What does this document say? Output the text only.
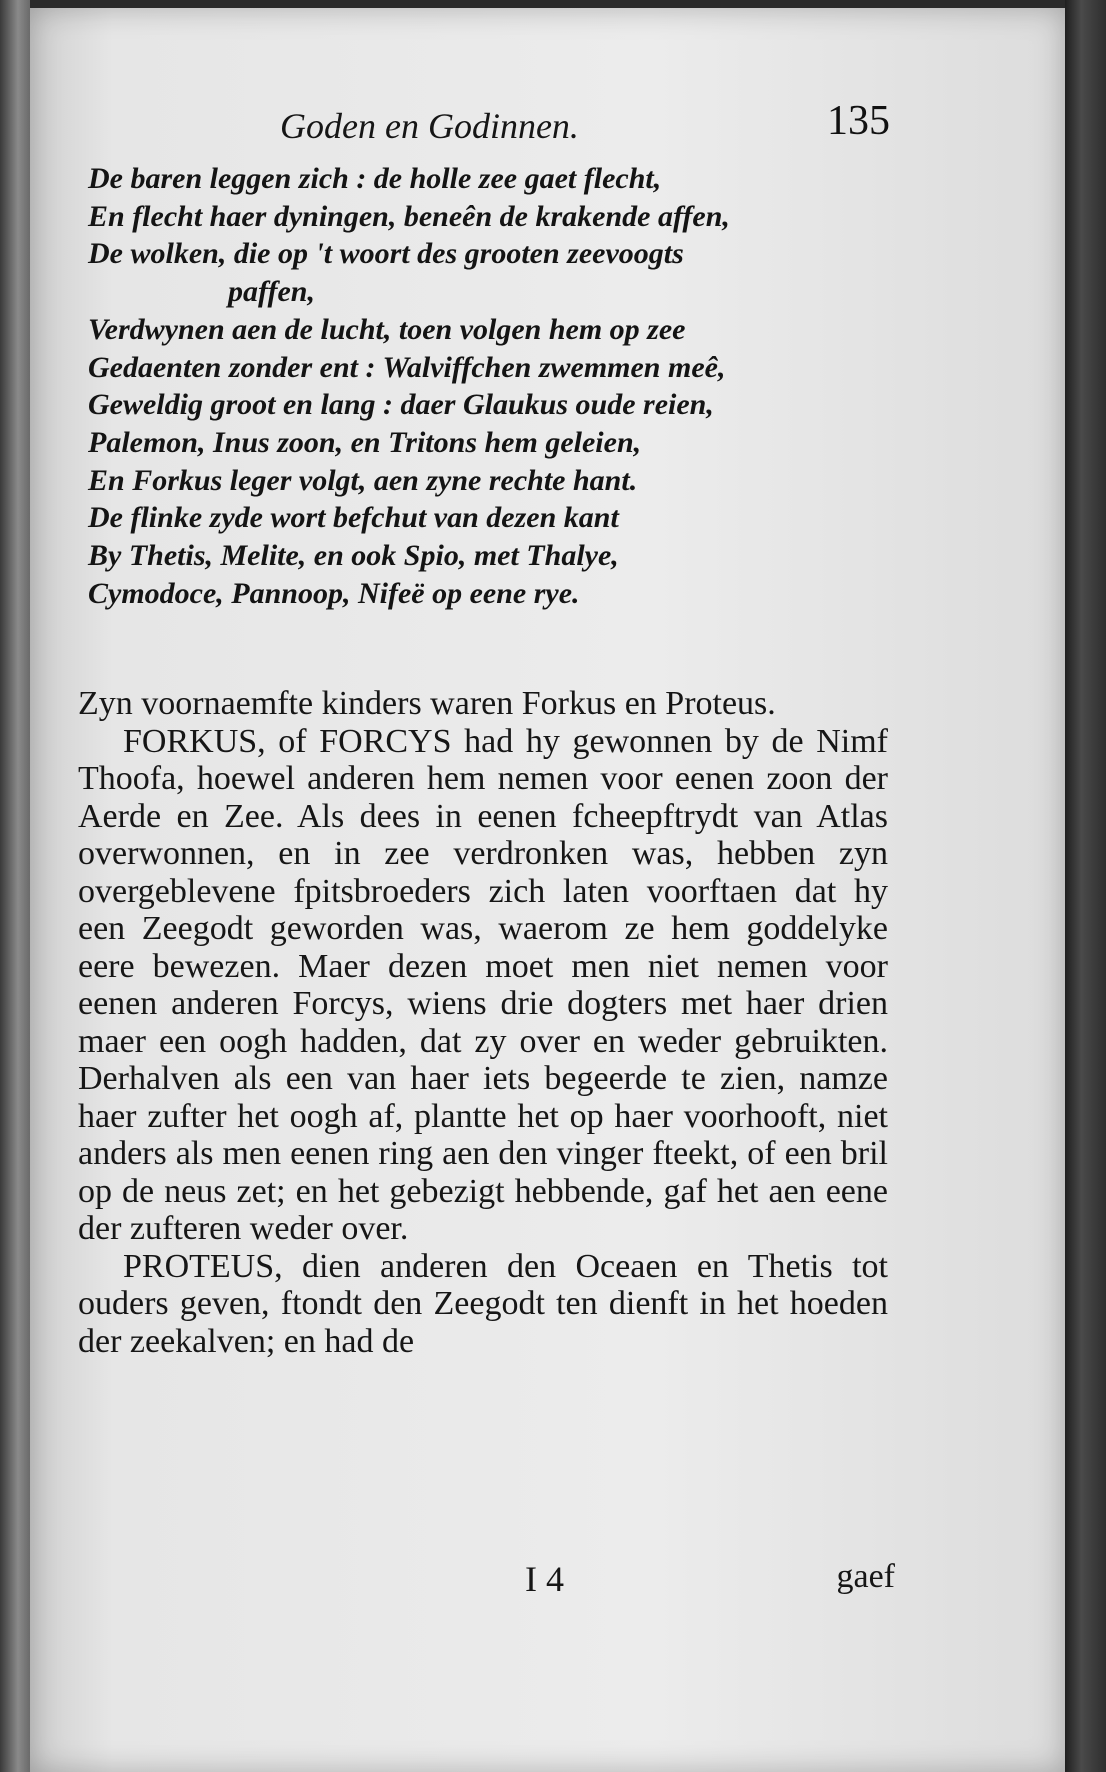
Goden en Godinnen.	135
De baren leggen zich : de holle zee gaet flecht,
En flecht haer dyningen, beneên de krakende affen,
De wolken, die op 't woort des grooten zeevoogts
paffen,
Verdwynen aen de lucht, toen volgen hem op zee
Gedaenten zonder ent : Walviffchen zwemmen meê,
Geweldig groot en lang : daer Glaukus oude reien,
Palemon, Inus zoon, en Tritons hem geleien,
En Forkus leger volgt, aen zyne rechte hant.
De flinke zyde wort befchut van dezen kant
By Thetis, Melite, en ook Spio, met Thalye,
Cymodoce, Pannoop, Nifeë op eene rye.

Zyn voornaemfte kinders waren Forkus en Proteus.

FORKUS, of FORCYS had hy gewonnen by de Nimf Thoofa, hoewel anderen hem nemen voor eenen zoon der Aerde en Zee. Als dees in eenen fcheepftrydt van Atlas overwonnen, en in zee verdronken was, hebben zyn overgeblevene fpitsbroeders zich laten voorftaen dat hy een Zeegodt geworden was, waerom ze hem goddelyke eere bewezen. Maer dezen moet men niet nemen voor eenen anderen Forcys, wiens drie dogters met haer drien maer een oogh hadden, dat zy over en weder gebruikten. Derhalven als een van haer iets begeerde te zien, namze haer zufter het oogh af, plantte het op haer voorhooft, niet anders als men eenen ring aen den vinger fteekt, of een bril op de neus zet; en het gebezigt hebbende, gaf het aen eene der zufteren weder over.

PROTEUS, dien anderen den Oceaen en Thetis tot ouders geven, ftondt den Zeegodt ten dienft in het hoeden der zeekalven; en had de

I 4	gaef
